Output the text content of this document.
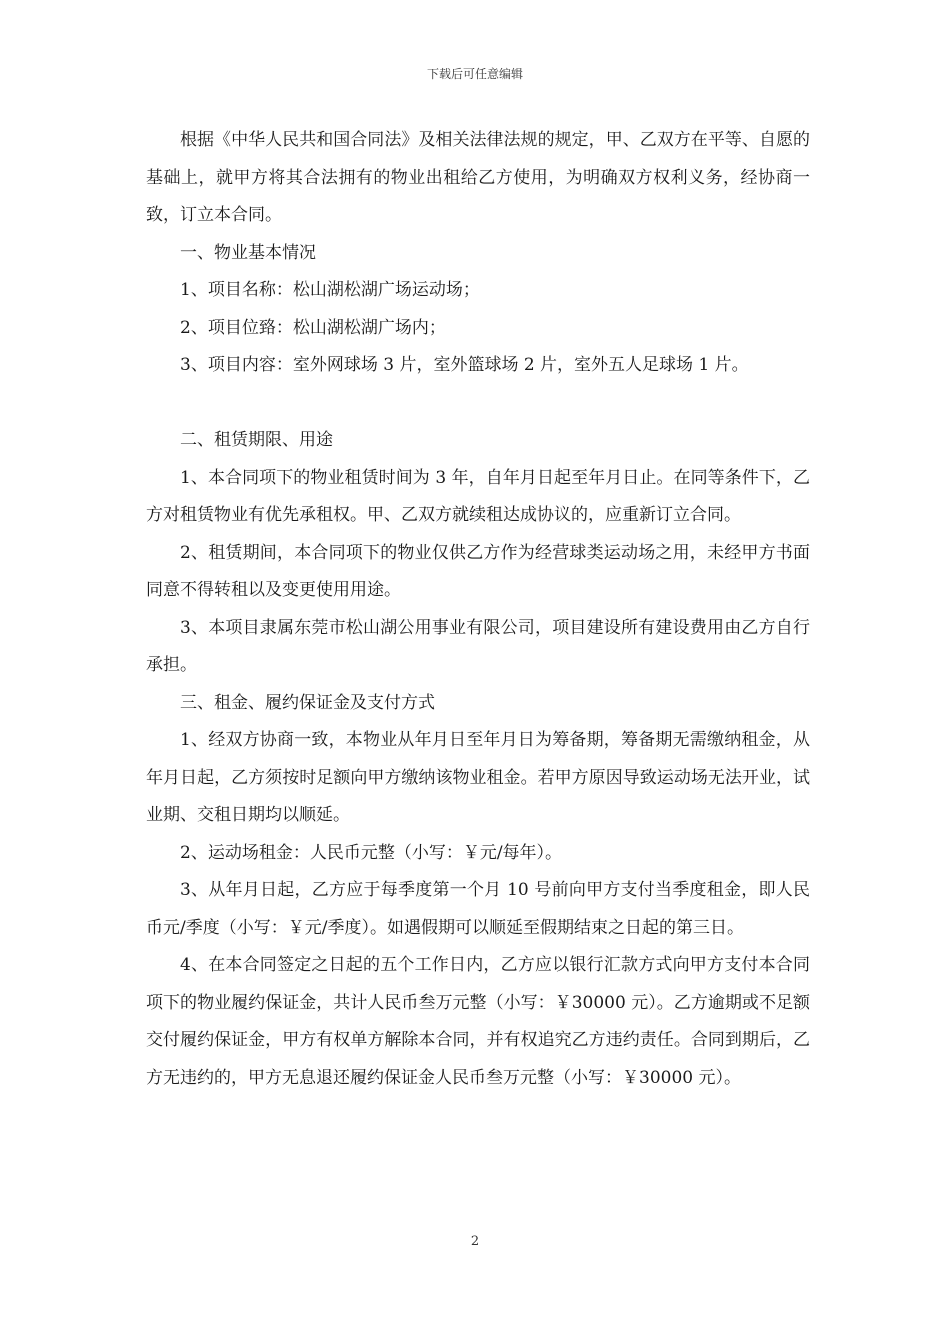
下载后可任意编辑

根据《中华人民共和国合同法》及相关法律法规的规定，甲、乙双方在平等、自愿的基础上，就甲方将其合法拥有的物业出租给乙方使用，为明确双方权利义务，经协商一致，订立本合同。

一、物业基本情况

1、项目名称：松山湖松湖广场运动场；

2、项目位臵：松山湖松湖广场内；

3、项目内容：室外网球场 3 片，室外篮球场 2 片，室外五人足球场 1 片。

二、租赁期限、用途

1、本合同项下的物业租赁时间为 3 年，自年月日起至年月日止。在同等条件下，乙方对租赁物业有优先承租权。甲、乙双方就续租达成协议的，应重新订立合同。

2、租赁期间，本合同项下的物业仅供乙方作为经营球类运动场之用，未经甲方书面同意不得转租以及变更使用用途。

3、本项目隶属东莞市松山湖公用事业有限公司，项目建设所有建设费用由乙方自行承担。

三、租金、履约保证金及支付方式

1、经双方协商一致，本物业从年月日至年月日为筹备期，筹备期无需缴纳租金，从年月日起，乙方须按时足额向甲方缴纳该物业租金。若甲方原因导致运动场无法开业，试业期、交租日期均以顺延。

2、运动场租金：人民币元整（小写：￥元/每年）。

3、从年月日起，乙方应于每季度第一个月 10 号前向甲方支付当季度租金，即人民币元/季度（小写：￥元/季度）。如遇假期可以顺延至假期结束之日起的第三日。

4、在本合同签定之日起的五个工作日内，乙方应以银行汇款方式向甲方支付本合同项下的物业履约保证金，共计人民币叁万元整（小写：￥30000 元）。乙方逾期或不足额交付履约保证金，甲方有权单方解除本合同，并有权追究乙方违约责任。合同到期后，乙方无违约的，甲方无息退还履约保证金人民币叁万元整（小写：￥30000 元）。

2
